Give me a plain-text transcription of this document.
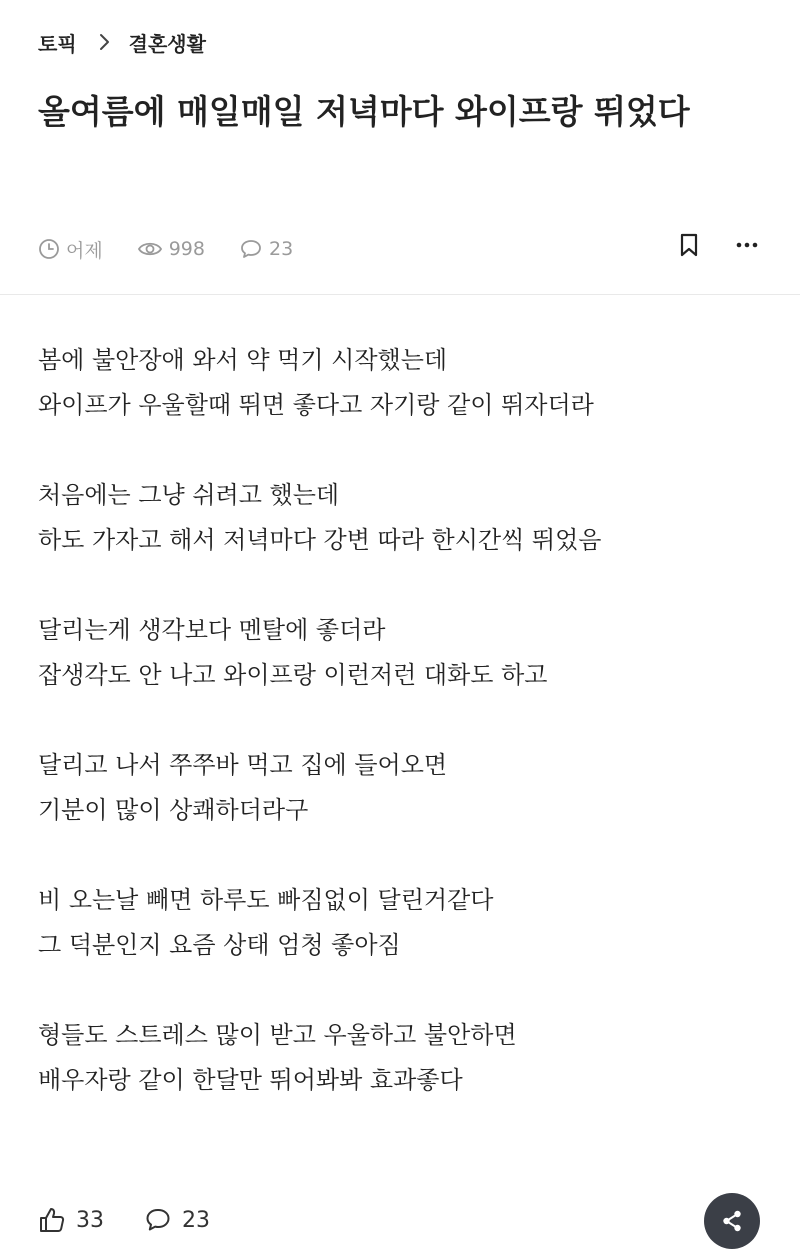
토픽	결혼생활
올여름에 매일매일 저녁마다 와이프랑 뛰었다
어제	998	23

봄에 불안장애 와서 약 먹기 시작했는데
와이프가 우울할때 뛰면 좋다고 자기랑 같이 뛰자더라

처음에는 그냥 쉬려고 했는데
하도 가자고 해서 저녁마다 강변 따라 한시간씩 뛰었음

달리는게 생각보다 멘탈에 좋더라
잡생각도 안 나고 와이프랑 이런저런 대화도 하고

달리고 나서 쭈쭈바 먹고 집에 들어오면
기분이 많이 상쾌하더라구

비 오는날 빼면 하루도 빠짐없이 달린거같다
그 덕분인지 요즘 상태 엄청 좋아짐

형들도 스트레스 많이 받고 우울하고 불안하면
배우자랑 같이 한달만 뛰어봐봐 효과좋다

33	23
